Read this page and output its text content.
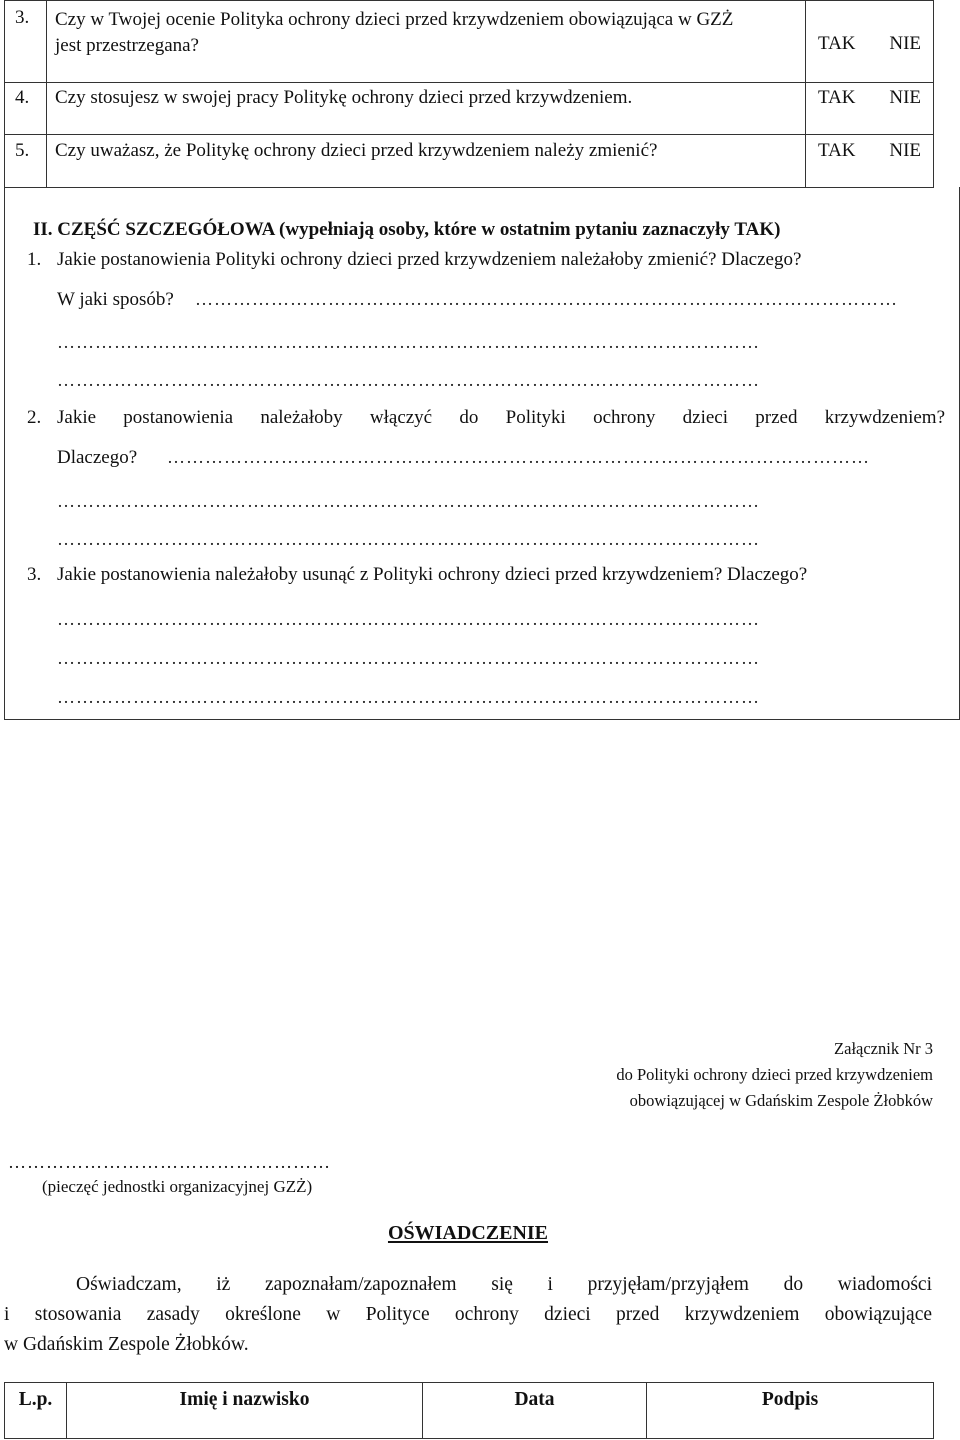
3.	Czy w Twojej ocenie Polityka ochrony dzieci przed krzywdzeniem obowiązująca w GZŻ jest przestrzegana?	TAK NIE

4.	Czy stosujesz w swojej pracy Politykę ochrony dzieci przed krzywdzeniem.	TAK NIE

5.	Czy uważasz, że Politykę ochrony dzieci przed krzywdzeniem należy zmienić?	TAK NIE
II. CZĘŚĆ SZCZEGÓŁOWA (wypełniają osoby, które w ostatnim pytaniu zaznaczyły TAK)
1. Jakie postanowienia Polityki ochrony dzieci przed krzywdzeniem należałoby zmienić? Dlaczego?
W jaki sposób? …………………………………………………………………………………………………
…………………………………………………………………………………………………
…………………………………………………………………………………………………
2. Jakie postanowienia należałoby włączyć do Polityki ochrony dzieci przed krzywdzeniem?
Dlaczego? …………………………………………………………………………………………………
…………………………………………………………………………………………………
…………………………………………………………………………………………………
3. Jakie postanowienia należałoby usunąć z Polityki ochrony dzieci przed krzywdzeniem? Dlaczego?
…………………………………………………………………………………………………
…………………………………………………………………………………………………
…………………………………………………………………………………………………
Załącznik Nr 3
do Polityki ochrony dzieci przed krzywdzeniem
obowiązującej w Gdańskim Zespole Żłobków
……………………………………………
(pieczęć jednostki organizacyjnej GZŻ)
OŚWIADCZENIE
Oświadczam, iż zapoznałam/zapoznałem się i przyjęłam/przyjąłem do wiadomości
i stosowania zasady określone w Polityce ochrony dzieci przed krzywdzeniem obowiązujące
w Gdańskim Zespole Żłobków.
L.p.	Imię i nazwisko	Data	Podpis
